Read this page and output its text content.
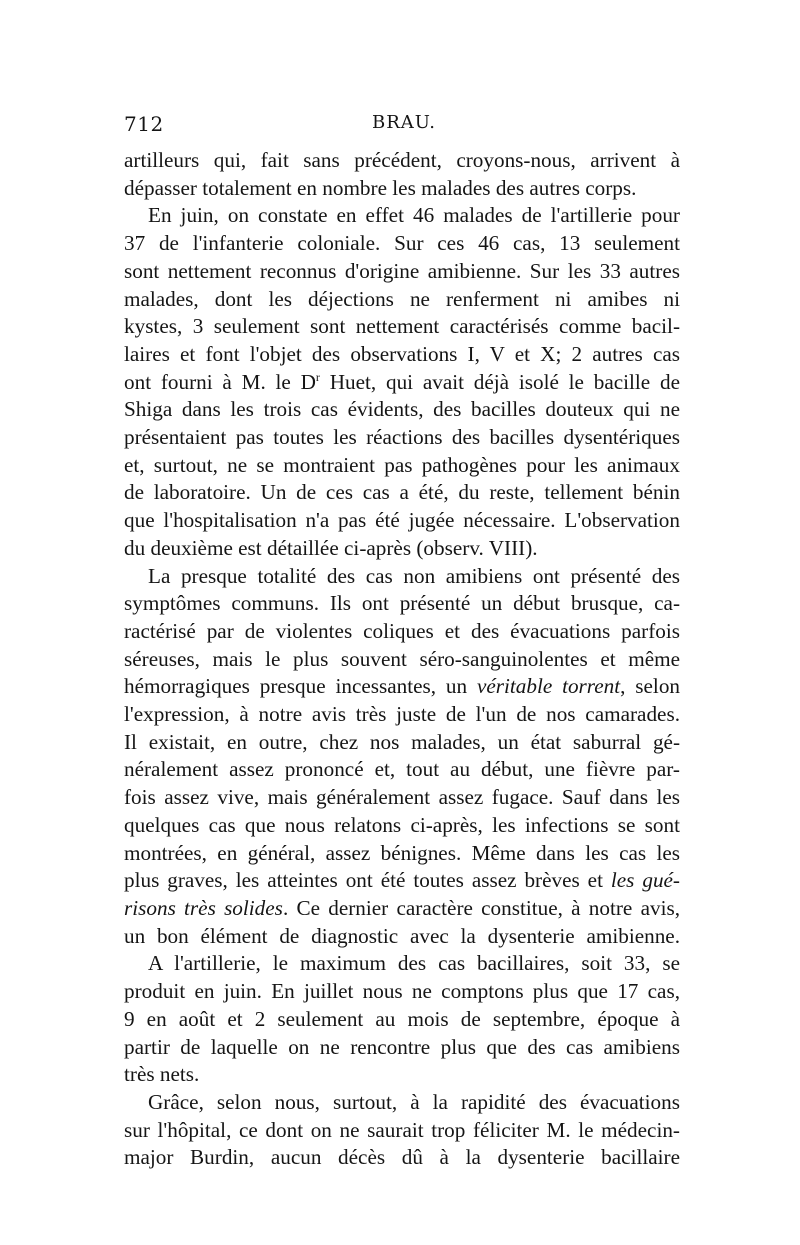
712	BRAU.
artilleurs qui, fait sans précédent, croyons-nous, arrivent à
dépasser totalement en nombre les malades des autres corps.
En juin, on constate en effet 46 malades de l'artillerie pour
37 de l'infanterie coloniale. Sur ces 46 cas, 13 seulement
sont nettement reconnus d'origine amibienne. Sur les 33 autres
malades, dont les déjections ne renferment ni amibes ni
kystes, 3 seulement sont nettement caractérisés comme bacil-
laires et font l'objet des observations I, V et X; 2 autres cas
ont fourni à M. le $D^r$ Huet, qui avait déjà isolé le bacille de
Shiga dans les trois cas évidents, des bacilles douteux qui ne
présentaient pas toutes les réactions des bacilles dysentériques
et, surtout, ne se montraient pas pathogènes pour les animaux
de laboratoire. Un de ces cas a été, du reste, tellement bénin
que l'hospitalisation n'a pas été jugée nécessaire. L'observation
du deuxième est détaillée ci-après (observ. VIII).
La presque totalité des cas non amibiens ont présenté des
symptômes communs. Ils ont présenté un début brusque, ca-
ractérisé par de violentes coliques et des évacuations parfois
séreuses, mais le plus souvent séro-sanguinolentes et même
hémorragiques presque incessantes, un véritable torrent, selon
l'expression, à notre avis très juste de l'un de nos camarades.
Il existait, en outre, chez nos malades, un état saburral gé-
néralement assez prononcé et, tout au début, une fièvre par-
fois assez vive, mais généralement assez fugace. Sauf dans les
quelques cas que nous relatons ci-après, les infections se sont
montrées, en général, assez bénignes. Même dans les cas les
plus graves, les atteintes ont été toutes assez brèves et les gué-
risons très solides. Ce dernier caractère constitue, à notre avis,
un bon élément de diagnostic avec la dysenterie amibienne.
A l'artillerie, le maximum des cas bacillaires, soit 33, se
produit en juin. En juillet nous ne comptons plus que 17 cas,
9 en août et 2 seulement au mois de septembre, époque à
partir de laquelle on ne rencontre plus que des cas amibiens
très nets.
Grâce, selon nous, surtout, à la rapidité des évacuations
sur l'hôpital, ce dont on ne saurait trop féliciter M. le médecin-
major Burdin, aucun décès dû à la dysenterie bacillaire
